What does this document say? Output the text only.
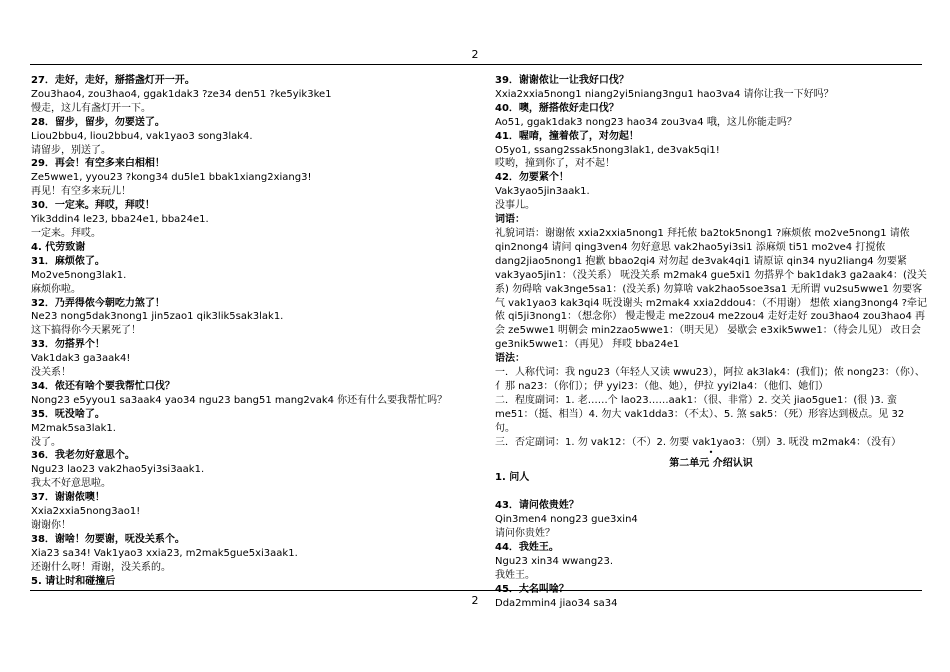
2
27．走好，走好，掰搭盏灯开一开。
Zou3hao4, zou3hao4, ggak1dak3 ?ze34 den51 ?ke5yik3ke1
慢走，这儿有盏灯开一下。
28．留步，留步，勿要送了。
Liou2bbu4, liou2bbu4, vak1yao3 song3lak4.
请留步，别送了。
29．再会！有空多来白相相！
Ze5wwe1, yyou23 ?kong34 du5le1 bbak1xiang2xiang3!
再见！有空多来玩儿！
30．一定来。拜哎，拜哎！
Yik3ddin4 le23, bba24e1, bba24e1.
一定来。拜哎。
4. 代劳致谢
31．麻烦侬了。
Mo2ve5nong3lak1.
麻烦你啦。
32．乃弄得侬今朝吃力煞了！
Ne23 nong5dak3nong1 jin5zao1 qik3lik5sak3lak1.
这下搞得你今天累死了！
33．勿搭界个！
Vak1dak3 ga3aak4!
没关系！
34．侬还有啥个要我帮忙口伐？
Nong23 e5yyou1 sa3aak4 yao34 ngu23 bang51 mang2vak4 你还有什么要我帮忙吗？
35．呒没啥了。
M2mak5sa3lak1.
没了。
36．我老勿好意思个。
Ngu23 lao23 vak2hao5yi3si3aak1.
我太不好意思啦。
37．谢谢侬噢！
Xxia2xxia5nong3ao1!
谢谢你！
38．谢啥！勿要谢，呒没关系个。
Xia23 sa34! Vak1yao3 xxia23, m2mak5gue5xi3aak1.
还谢什么呀！甭谢，没关系的。
5. 请让时和碰撞后
39．谢谢侬让一让我好口伐？
Xxia2xxia5nong1 niang2yi5niang3ngu1 hao3va4 请你让我一下好吗？
40．噢，掰搭侬好走口伐？
Ao51, ggak1dak3 nong23 hao34 zou3va4 哦，这儿你能走吗？
41．喔唷，撞着侬了，对勿起！
O5yo1, ssang2ssak5nong3lak1, de3vak5qi1!
哎哟，撞到你了，对不起！
42．勿要紧个！
Vak3yao5jin3aak1.
没事儿。
词语：
礼貌词语：谢谢侬 xxia2xxia5nong1 拜托侬 ba2tok5nong1 ?麻烦侬 mo2ve5nong1 请侬 qin2nong4 请问 qing3ven4 勿好意思 vak2hao5yi3si1 添麻烦 ti51 mo2ve4 打搅侬 dang2jiao5nong1 抱歉 bbao2qi4 对勿起 de3vak4qi1 请原谅 qin34 nyu2liang4 勿要紧 vak3yao5jin1：（没关系） 呒没关系 m2mak4 gue5xi1 勿搭界个 bak1dak3 ga2aak4：(没关系) 勿碍啥 vak3nge5sa1：(没关系) 勿算啥 vak2hao5soe3sa1 无所谓 vu2su5wwe1 勿要客气 vak1yao3 kak3qi4 呒没谢头 m2mak4 xxia2ddou4：（不用谢） 想侬 xiang3nong4 ?牵记侬 qi5ji3nong1：（想念你） 慢走慢走 me2zou4 me2zou4 走好走好 zou3hao4 zou3hao4 再会 ze5wwe1 明朝会 min2zao5wwe1：（明天见） 晏歇会 e3xik5wwe1：（待会儿见） 改日会 ge3nik5wwe1：（再见） 拜哎 bba24e1
语法：
一．人称代词：我 ngu23（年轻人又读 wwu23），阿拉 ak3lak4：(我们)；侬 nong23：（你）、亻那 na23：（你们）；伊 yyi23：（他、她），伊拉 yyi2la4：（他们、她们）
二．程度副词：1. 老……个 lao23……aak1：（很、非常）2. 交关 jiao5gue1：(很 )3. 蛮 me51：（挺、相当）4. 勿大 vak1dda3：（不太）、5. 煞 sak5：（死）形容达到极点。见 32 句。
三．否定副词：1. 勿 vak12：（不）2. 勿要 vak1yao3：（别）3. 呒没 m2mak4：（没有）
•
第二单元 介绍认识
1. 问人
43．请问侬贵姓？
Qin3men4 nong23 gue3xin4
请问你贵姓？
44．我姓王。
Ngu23 xin34 wwang23.
我姓王。
45．大名叫啥？
Dda2mmin4 jiao34 sa34
2
